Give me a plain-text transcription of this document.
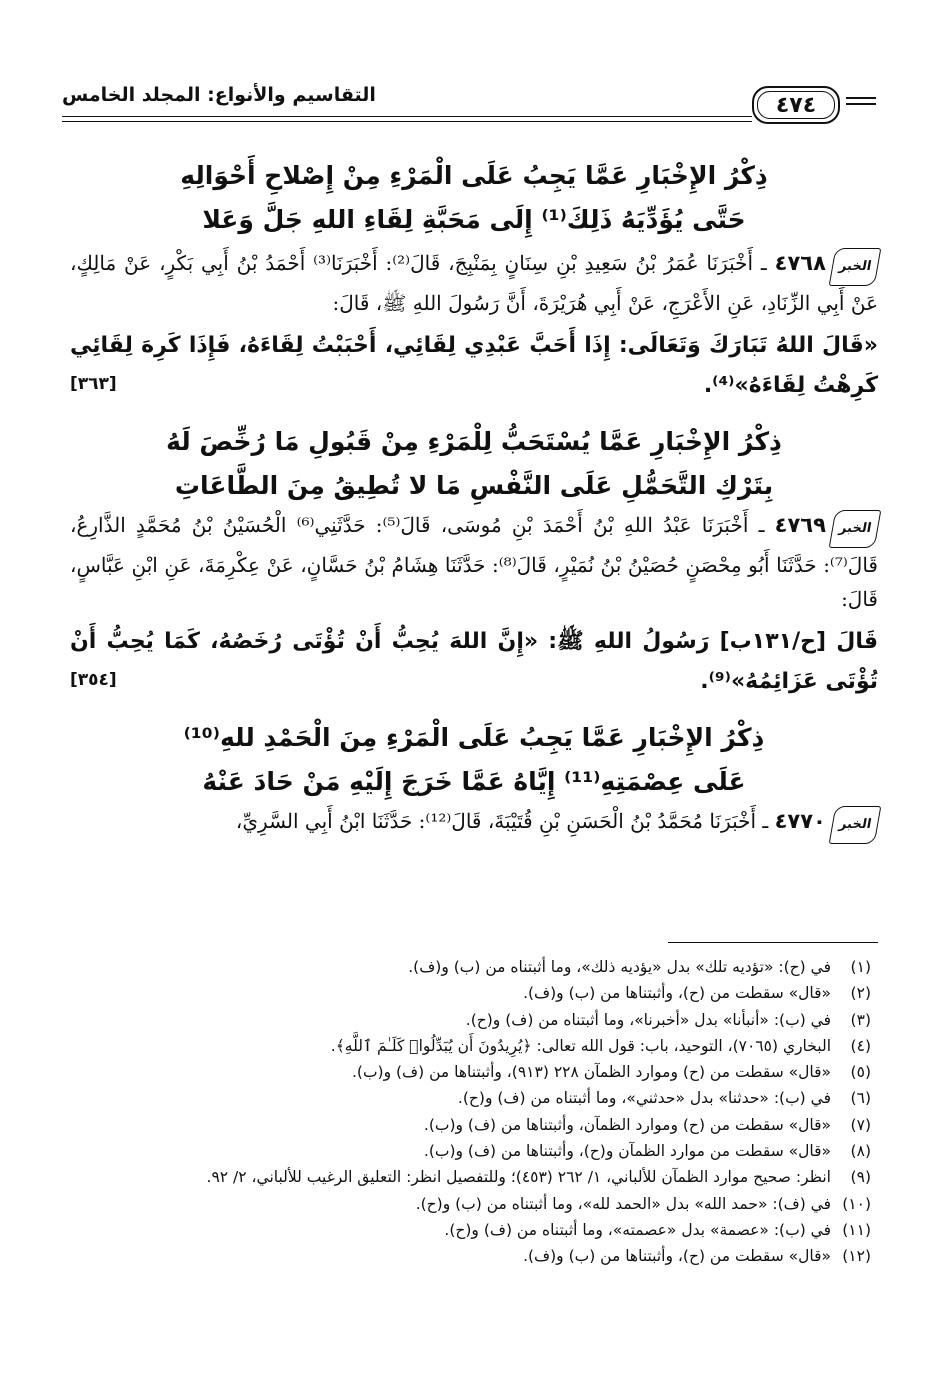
التقاسيم والأنواع: المجلد الخامس	٤٧٤

ذِكْرُ الإِخْبَارِ عَمَّا يَجِبُ عَلَى الْمَرْءِ مِنْ إِصْلاحِ أَحْوَالِهِ

حَتَّى يُؤَدِّيَهُ ذَلِكَ⁽¹⁾ إِلَى مَحَبَّةِ لِقَاءِ اللهِ جَلَّ وَعَلا

الخبر٤٧٦٨ ـ أَخْبَرَنَا عُمَرُ بْنُ سَعِيدِ بْنِ سِنَانٍ بِمَنْبِجَ، قَالَ⁽²⁾: أَخْبَرَنَا⁽³⁾ أَحْمَدُ بْنُ أَبِي بَكْرٍ، عَنْ مَالِكٍ، عَنْ أَبِي الزِّنَادِ، عَنِ الأَعْرَجِ، عَنْ أَبِي هُرَيْرَةَ، أَنَّ رَسُولَ اللهِ ﷺ، قَالَ:

«قَالَ اللهُ تَبَارَكَ وَتَعَالَى: إِذَا أَحَبَّ عَبْدِي لِقَائِي، أَحْبَبْتُ لِقَاءَهُ، فَإِذَا كَرِهَ لِقَائِي كَرِهْتُ لِقَاءَهُ»⁽⁴⁾.

[٣٦٣]

ذِكْرُ الإِخْبَارِ عَمَّا يُسْتَحَبُّ لِلْمَرْءِ مِنْ قَبُولِ مَا رُخِّصَ لَهُ

بِتَرْكِ التَّحَمُّلِ عَلَى النَّفْسِ مَا لا تُطِيقُ مِنَ الطَّاعَاتِ

الخبر٤٧٦٩ ـ أَخْبَرَنَا عَبْدُ اللهِ بْنُ أَحْمَدَ بْنِ مُوسَى، قَالَ⁽⁵⁾: حَدَّثَنِي⁽⁶⁾ الْحُسَيْنُ بْنُ مُحَمَّدٍ الذَّارِعُ، قَالَ⁽⁷⁾: حَدَّثَنَا أَبُو مِحْصَنٍ حُصَيْنُ بْنُ نُمَيْرٍ، قَالَ⁽⁸⁾: حَدَّثَنَا هِشَامُ بْنُ حَسَّانٍ، عَنْ عِكْرِمَةَ، عَنِ ابْنِ عَبَّاسٍ، قَالَ:

قَالَ [ح/١٣١ب] رَسُولُ اللهِ ﷺ: «إِنَّ اللهَ يُحِبُّ أَنْ تُؤْتَى رُخَصُهُ، كَمَا يُحِبُّ أَنْ تُؤْتَى عَزَائِمُهُ»⁽⁹⁾.

[٣٥٤]

ذِكْرُ الإِخْبَارِ عَمَّا يَجِبُ عَلَى الْمَرْءِ مِنَ الْحَمْدِ للهِ⁽¹⁰⁾

عَلَى عِصْمَتِهِ⁽¹¹⁾ إِيَّاهُ عَمَّا خَرَجَ إِلَيْهِ مَنْ حَادَ عَنْهُ

الخبر٤٧٧٠ ـ أَخْبَرَنَا مُحَمَّدُ بْنُ الْحَسَنِ بْنِ قُتَيْبَةَ، قَالَ⁽¹²⁾: حَدَّثَنَا ابْنُ أَبِي السَّرِيِّ،

(١)في (ح): «تؤديه تلك» بدل «يؤديه ذلك»، وما أثبتناه من (ب) و(ف).

(٢)«قال» سقطت من (ح)، وأثبتناها من (ب) و(ف).

(٣)في (ب): «أنبأنا» بدل «أخبرنا»، وما أثبتناه من (ف) و(ح).

(٤)البخاري (٧٠٦٥)، التوحيد، باب: قول الله تعالى: ﴿يُرِيدُونَ أَن يُبَدِّلُوا۟ كَلَـٰمَ ٱللَّهِ﴾.

(٥)«قال» سقطت من (ح) وموارد الظمآن ٢٢٨ (٩١٣)، وأثبتناها من (ف) و(ب).

(٦)في (ب): «حدثنا» بدل «حدثني»، وما أثبتناه من (ف) و(ح).

(٧)«قال» سقطت من (ح) وموارد الظمآن، وأثبتناها من (ف) و(ب).

(٨)«قال» سقطت من موارد الظمآن و(ح)، وأثبتناها من (ف) و(ب).

(٩)انظر: صحيح موارد الظمآن للألباني، ١/ ٢٦٢ (٤٥٣)؛ وللتفصيل انظر: التعليق الرغيب للألباني، ٢/ ٩٢.

(١٠)في (ف): «حمد الله» بدل «الحمد لله»، وما أثبتناه من (ب) و(ح).

(١١)في (ب): «عصمة» بدل «عصمته»، وما أثبتناه من (ف) و(ح).

(١٢)«قال» سقطت من (ح)، وأثبتناها من (ب) و(ف).
